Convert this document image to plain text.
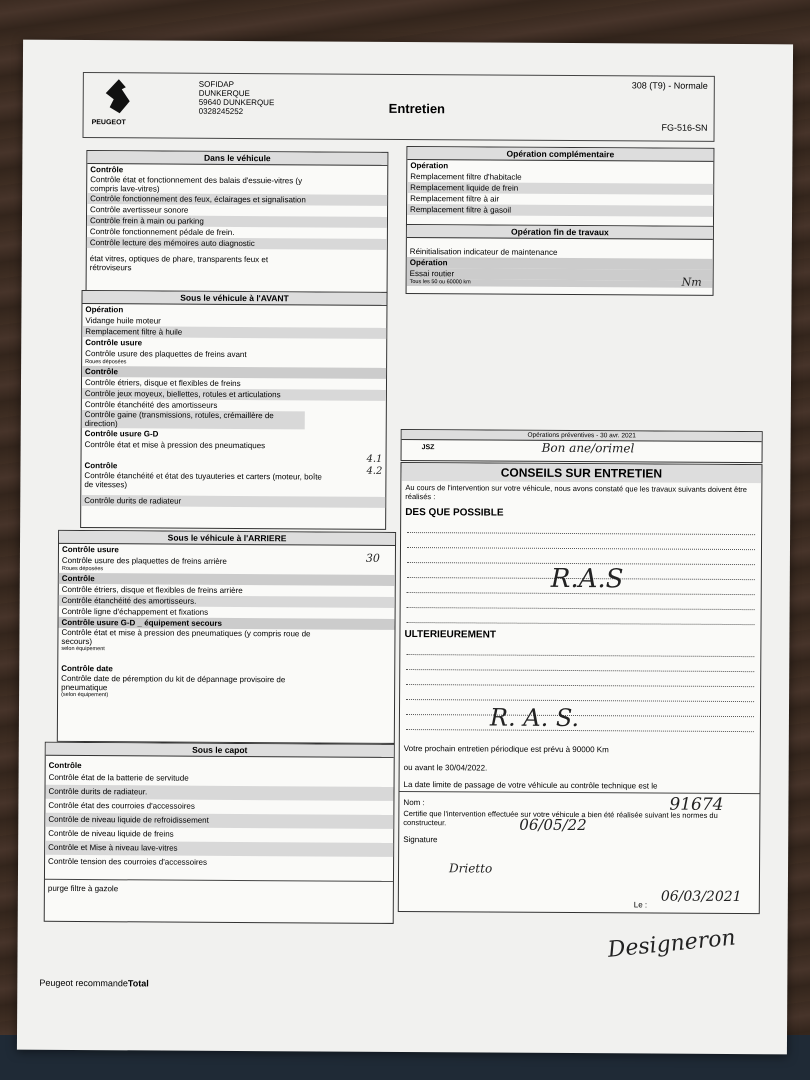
PEUGEOT
SOFIDAP
DUNKERQUE
59640 DUNKERQUE
0328245252	Entretien
308 (T9) - Normale
FG-516-SN
Dans le véhicule
Contrôle
Contrôle état et fonctionnement des balais d'essuie-vitres (y compris lave-vitres)
Contrôle fonctionnement des feux, éclairages et signalisation
Contrôle avertisseur sonore
Contrôle frein à main ou parking
Contrôle fonctionnement pédale de frein.
Contrôle lecture des mémoires auto diagnostic
état vitres, optiques de phare, transparents feux et rétroviseurs
Sous le véhicule à l'AVANT
Opération
Vidange huile moteur
Remplacement filtre à huile
Contrôle usure
Contrôle usure des plaquettes de freins avant
Roues déposées
Contrôle
Contrôle étriers, disque et flexibles de freins
Contrôle jeux moyeux, biellettes, rotules et articulations
Contrôle étanchéité des amortisseurs
Contrôle gaine (transmissions, rotules, crémaillère de direction)
Contrôle usure G-D
Contrôle état et mise à pression des pneumatiques
Contrôle
Contrôle étanchéité et état des tuyauteries et carters (moteur, boîte de vitesses)
Contrôle durits de radiateur
Sous le véhicule à l'ARRIERE
Contrôle usure
Contrôle usure des plaquettes de freins arrière
Roues déposées
Contrôle
Contrôle étriers, disque et flexibles de freins arrière
Contrôle étanchéité des amortisseurs.
Contrôle ligne d'échappement et fixations
Contrôle usure G-D _ équipement secours
Contrôle état et mise à pression des pneumatiques (y compris roue de secours)
selon équipement
Contrôle date
Contrôle date de péremption du kit de dépannage provisoire de pneumatique
(selon équipement)
Sous le capot
Contrôle
Contrôle état de la batterie de servitude
Contrôle durits de radiateur.
Contrôle état des courroies d'accessoires
Contrôle de niveau liquide de refroidissement
Contrôle de niveau liquide de freins
Contrôle et Mise à niveau lave-vitres
Contrôle tension des courroies d'accessoires
purge filtre à gazole
Opération complémentaire
Opération
Remplacement filtre d'habitacle
Remplacement liquide de frein
Remplacement filtre à air
Remplacement filtre à gasoil
Opération fin de travaux
Réinitialisation indicateur de maintenance
Opération
Essai routier
Tous les 50 ou 60000 km	Nm
Opérations préventives - 30 avr. 2021
JSZ	Bon ane/orimel
CONSEILS SUR ENTRETIEN
Au cours de l'intervention sur votre véhicule, nous avons constaté que les travaux suivants doivent être réalisés :
DES QUE POSSIBLE
R.A.S
ULTERIEUREMENT
R. A. S.
Votre prochain entretien périodique est prévu à 90000 Km
91674
ou avant le 30/04/2022.
06/05/22
La date limite de passage de votre véhicule au contrôle technique est le
Nom :
Drietto
Certifie que l'intervention effectuée sur votre véhicule a bien été réalisée suivant les normes du constructeur.
Signature
Le : 06/03/2021
Designeron
30
4.1
4.2
Peugeot recommandeTotal
